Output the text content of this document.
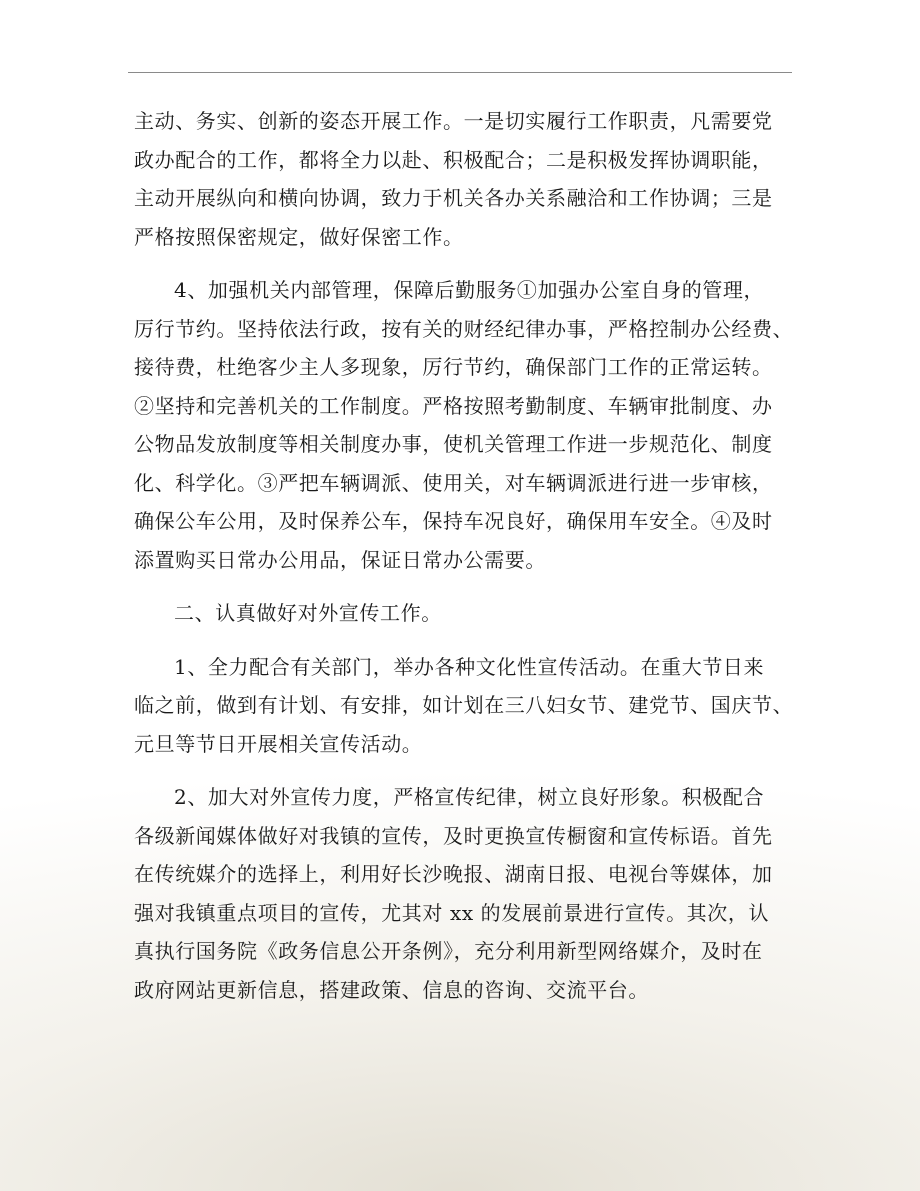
主动、务实、创新的姿态开展工作。一是切实履行工作职责，凡需要党
政办配合的工作，都将全力以赴、积极配合；二是积极发挥协调职能，
主动开展纵向和横向协调，致力于机关各办关系融洽和工作协调；三是
严格按照保密规定，做好保密工作。

4、加强机关内部管理，保障后勤服务①加强办公室自身的管理，
厉行节约。坚持依法行政，按有关的财经纪律办事，严格控制办公经费、
接待费，杜绝客少主人多现象，厉行节约，确保部门工作的正常运转。
②坚持和完善机关的工作制度。严格按照考勤制度、车辆审批制度、办
公物品发放制度等相关制度办事，使机关管理工作进一步规范化、制度
化、科学化。③严把车辆调派、使用关，对车辆调派进行进一步审核，
确保公车公用，及时保养公车，保持车况良好，确保用车安全。④及时
添置购买日常办公用品，保证日常办公需要。

二、认真做好对外宣传工作。

1、全力配合有关部门，举办各种文化性宣传活动。在重大节日来
临之前，做到有计划、有安排，如计划在三八妇女节、建党节、国庆节、
元旦等节日开展相关宣传活动。

2、加大对外宣传力度，严格宣传纪律，树立良好形象。积极配合
各级新闻媒体做好对我镇的宣传，及时更换宣传橱窗和宣传标语。首先
在传统媒介的选择上，利用好长沙晚报、湖南日报、电视台等媒体，加
强对我镇重点项目的宣传，尤其对 xx 的发展前景进行宣传。其次，认
真执行国务院《政务信息公开条例》，充分利用新型网络媒介，及时在
政府网站更新信息，搭建政策、信息的咨询、交流平台。
